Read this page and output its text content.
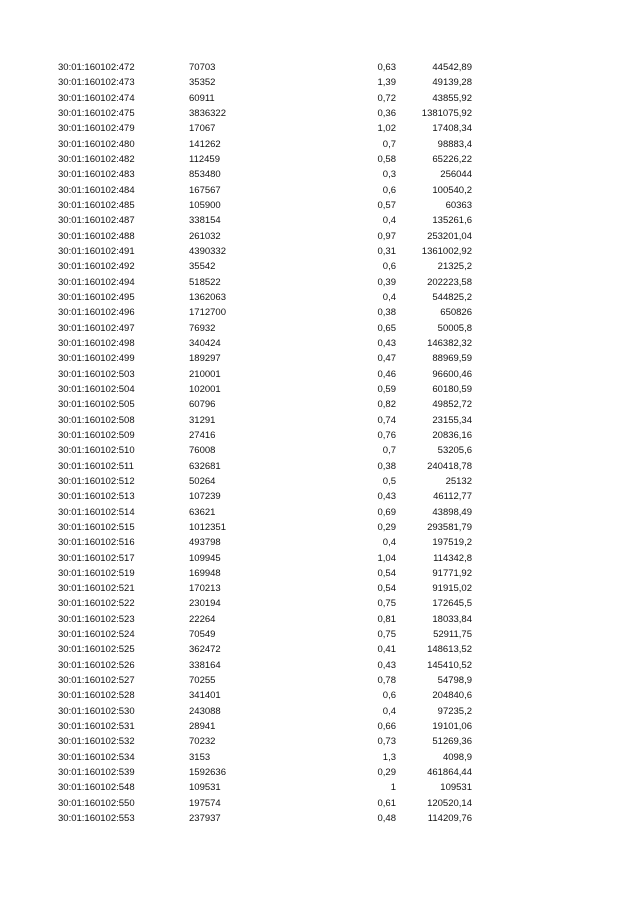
30:01:160102:472	70703	0,63	44542,89
30:01:160102:473	35352	1,39	49139,28
30:01:160102:474	60911	0,72	43855,92
30:01:160102:475	3836322	0,36	1381075,92
30:01:160102:479	17067	1,02	17408,34
30:01:160102:480	141262	0,7	98883,4
30:01:160102:482	112459	0,58	65226,22
30:01:160102:483	853480	0,3	256044
30:01:160102:484	167567	0,6	100540,2
30:01:160102:485	105900	0,57	60363
30:01:160102:487	338154	0,4	135261,6
30:01:160102:488	261032	0,97	253201,04
30:01:160102:491	4390332	0,31	1361002,92
30:01:160102:492	35542	0,6	21325,2
30:01:160102:494	518522	0,39	202223,58
30:01:160102:495	1362063	0,4	544825,2
30:01:160102:496	1712700	0,38	650826
30:01:160102:497	76932	0,65	50005,8
30:01:160102:498	340424	0,43	146382,32
30:01:160102:499	189297	0,47	88969,59
30:01:160102:503	210001	0,46	96600,46
30:01:160102:504	102001	0,59	60180,59
30:01:160102:505	60796	0,82	49852,72
30:01:160102:508	31291	0,74	23155,34
30:01:160102:509	27416	0,76	20836,16
30:01:160102:510	76008	0,7	53205,6
30:01:160102:511	632681	0,38	240418,78
30:01:160102:512	50264	0,5	25132
30:01:160102:513	107239	0,43	46112,77
30:01:160102:514	63621	0,69	43898,49
30:01:160102:515	1012351	0,29	293581,79
30:01:160102:516	493798	0,4	197519,2
30:01:160102:517	109945	1,04	114342,8
30:01:160102:519	169948	0,54	91771,92
30:01:160102:521	170213	0,54	91915,02
30:01:160102:522	230194	0,75	172645,5
30:01:160102:523	22264	0,81	18033,84
30:01:160102:524	70549	0,75	52911,75
30:01:160102:525	362472	0,41	148613,52
30:01:160102:526	338164	0,43	145410,52
30:01:160102:527	70255	0,78	54798,9
30:01:160102:528	341401	0,6	204840,6
30:01:160102:530	243088	0,4	97235,2
30:01:160102:531	28941	0,66	19101,06
30:01:160102:532	70232	0,73	51269,36
30:01:160102:534	3153	1,3	4098,9
30:01:160102:539	1592636	0,29	461864,44
30:01:160102:548	109531	1	109531
30:01:160102:550	197574	0,61	120520,14
30:01:160102:553	237937	0,48	114209,76
